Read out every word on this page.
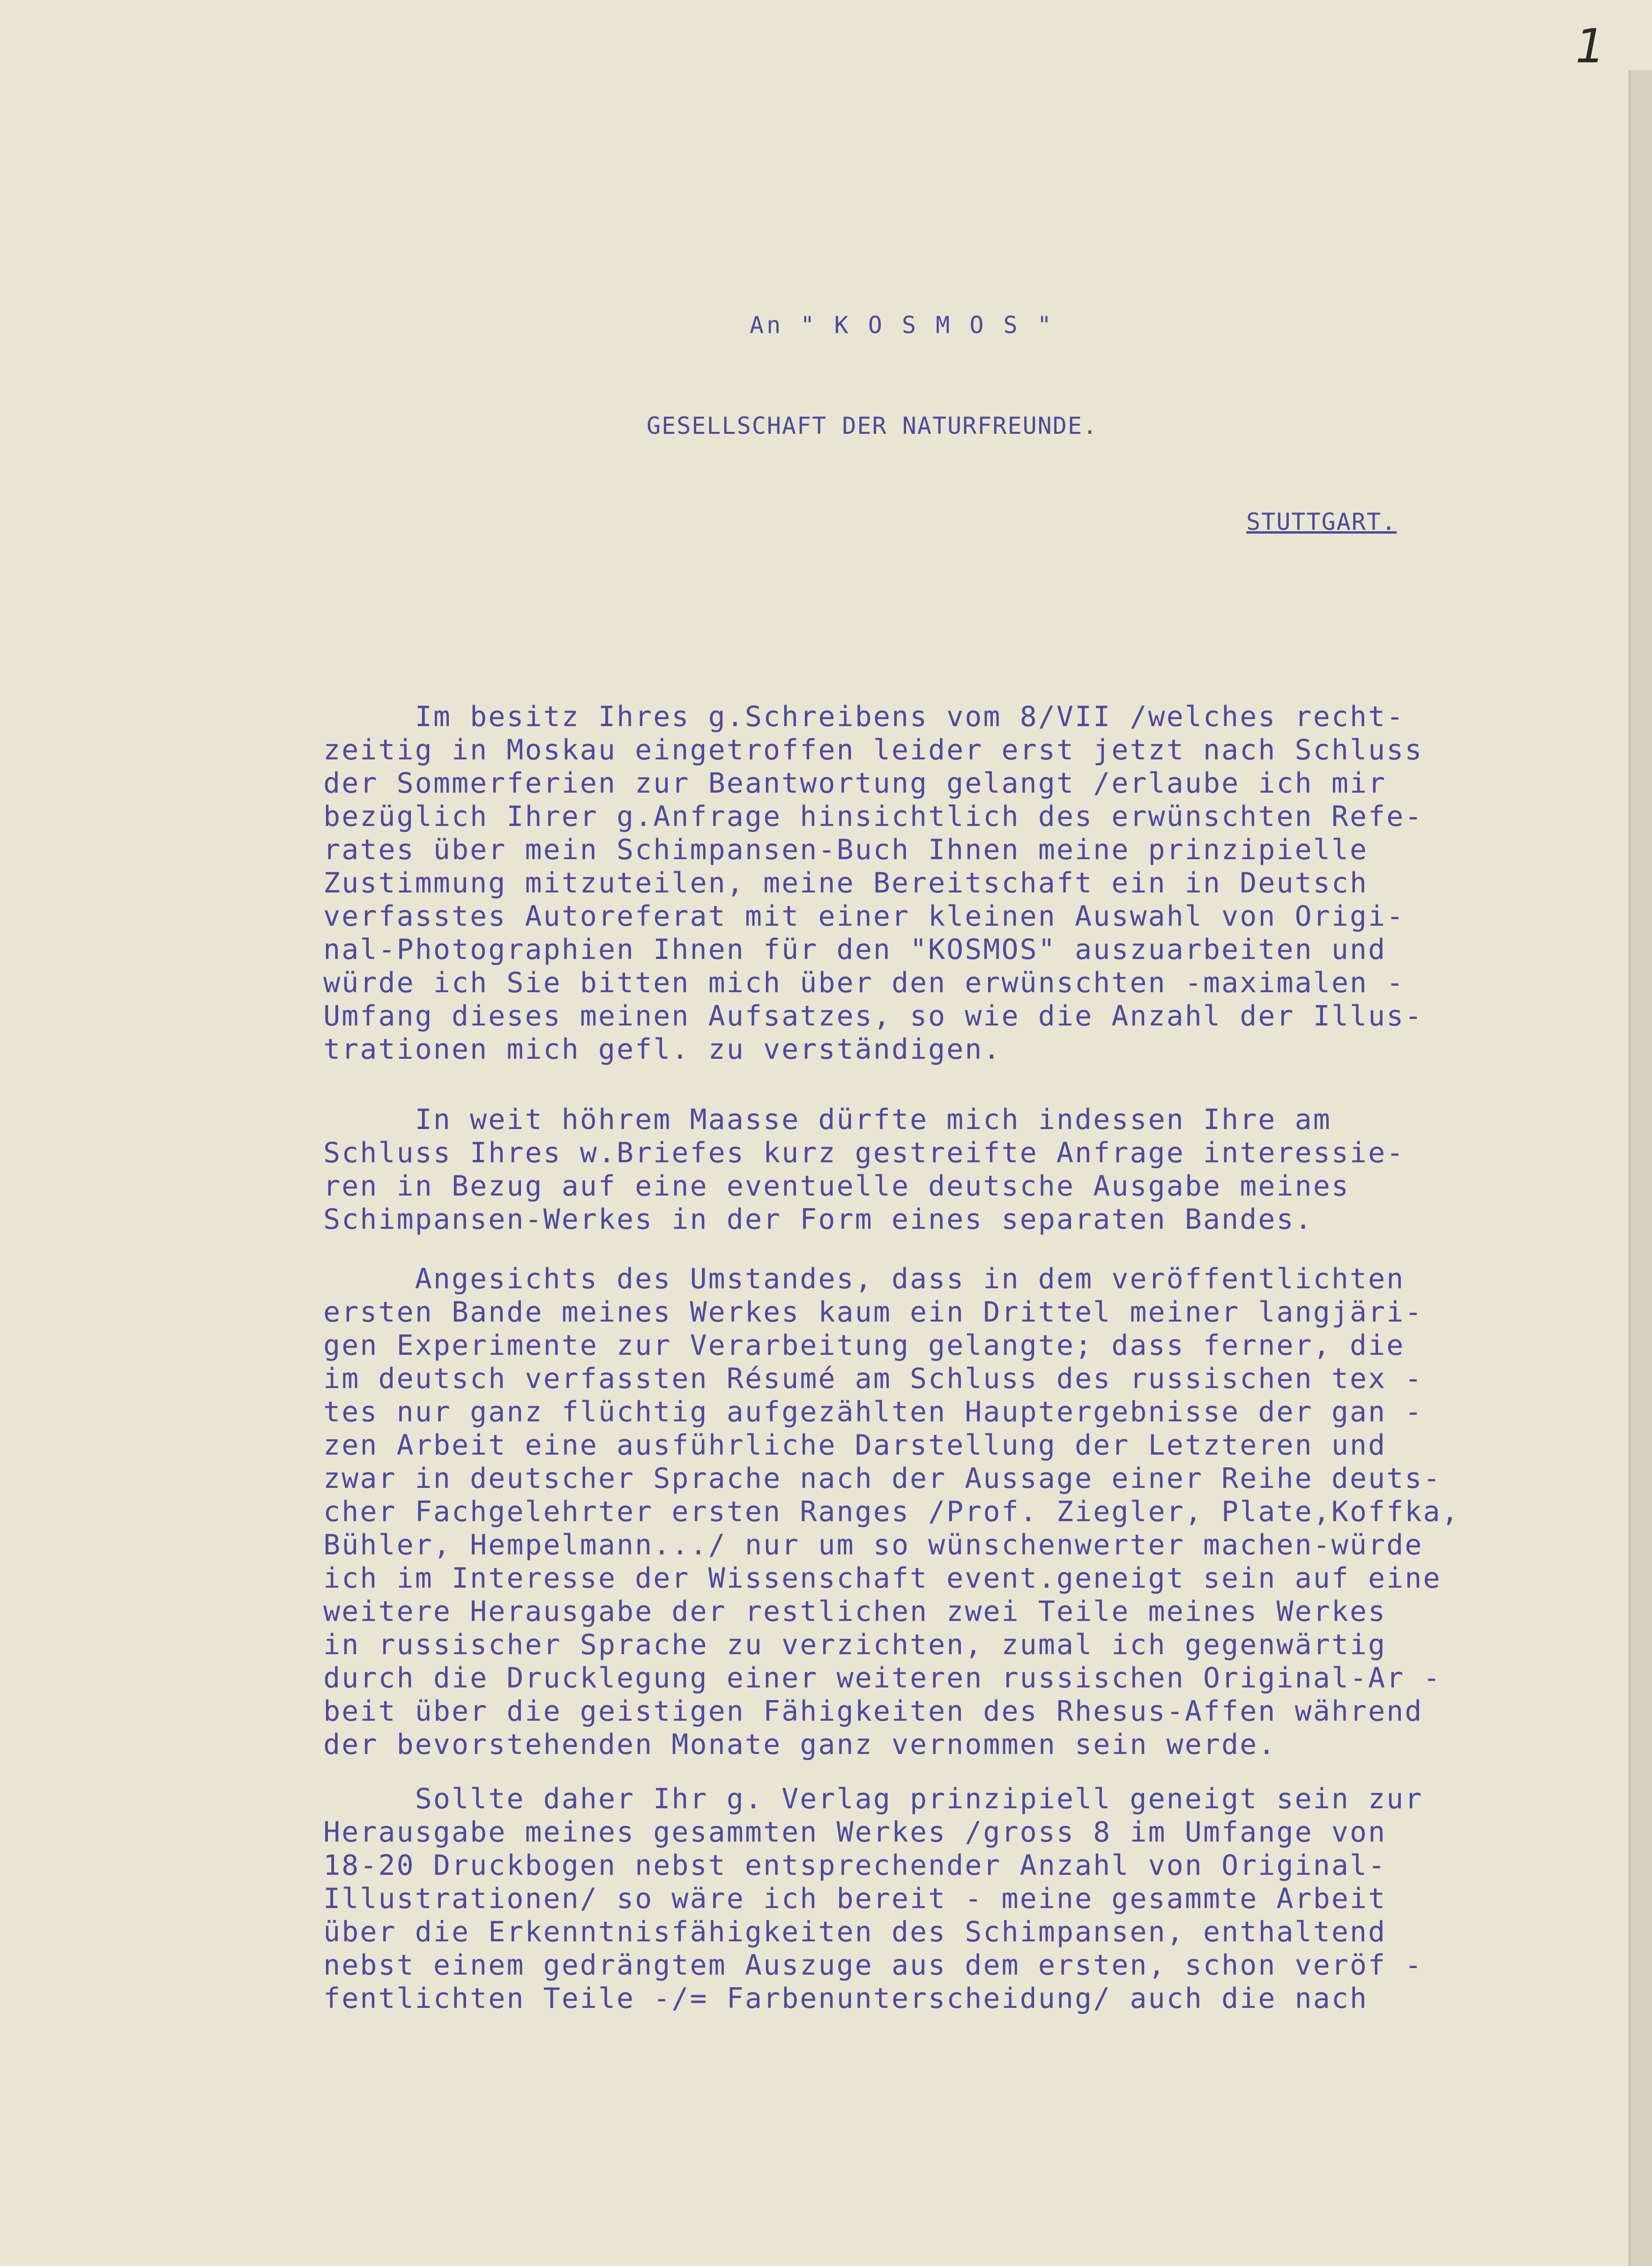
1
An " K O S M O S "
GESELLSCHAFT DER NATURFREUNDE.
STUTTGART.
Im besitz Ihres g.Schreibens vom 8/VII /welches recht-
zeitig in Moskau eingetroffen leider erst jetzt nach Schluss
der Sommerferien zur Beantwortung gelangt /erlaube ich mir
bezüglich Ihrer g.Anfrage hinsichtlich des erwünschten Refe-
rates über mein Schimpansen-Buch Ihnen meine prinzipielle
Zustimmung mitzuteilen, meine Bereitschaft ein in Deutsch
verfasstes Autoreferat mit einer kleinen Auswahl von Origi-
nal-Photographien Ihnen für den "KOSMOS" auszuarbeiten und
würde ich Sie bitten mich über den erwünschten -maximalen -
Umfang dieses meinen Aufsatzes, so wie die Anzahl der Illus-
trationen mich gefl. zu verständigen.
In weit höhrem Maasse dürfte mich indessen Ihre am
Schluss Ihres w.Briefes kurz gestreifte Anfrage interessie-
ren in Bezug auf eine eventuelle deutsche Ausgabe meines
Schimpansen-Werkes in der Form eines separaten Bandes.
Angesichts des Umstandes, dass in dem veröffentlichten
ersten Bande meines Werkes kaum ein Drittel meiner langjäri-
gen Experimente zur Verarbeitung gelangte; dass ferner, die
im deutsch verfassten Résumé am Schluss des russischen tex -
tes nur ganz flüchtig aufgezählten Hauptergebnisse der gan -
zen Arbeit eine ausführliche Darstellung der Letzteren und
zwar in deutscher Sprache nach der Aussage einer Reihe deuts-
cher Fachgelehrter ersten Ranges /Prof. Ziegler, Plate,Koffka,
Bühler, Hempelmann.../ nur um so wünschenwerter machen-würde
ich im Interesse der Wissenschaft event.geneigt sein auf eine
weitere Herausgabe der restlichen zwei Teile meines Werkes
in russischer Sprache zu verzichten, zumal ich gegenwärtig
durch die Drucklegung einer weiteren russischen Original-Ar -
beit über die geistigen Fähigkeiten des Rhesus-Affen während
der bevorstehenden Monate ganz vernommen sein werde.
Sollte daher Ihr g. Verlag prinzipiell geneigt sein zur
Herausgabe meines gesammten Werkes /gross 8 im Umfange von
18-20 Druckbogen nebst entsprechender Anzahl von Original-
Illustrationen/ so wäre ich bereit - meine gesammte Arbeit
über die Erkenntnisfähigkeiten des Schimpansen, enthaltend
nebst einem gedrängtem Auszuge aus dem ersten, schon veröf -
fentlichten Teile -/= Farbenunterscheidung/ auch die nach
